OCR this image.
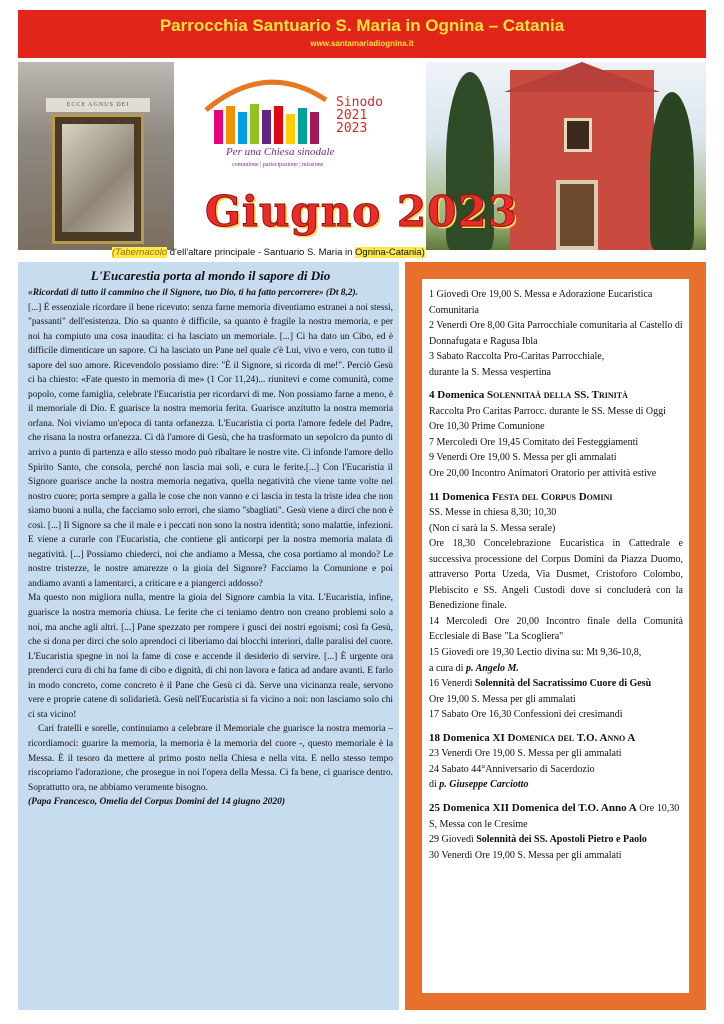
Parrocchia Santuario S. Maria in Ognina – Catania
www.santamariadiognina.it
ECCE AGNUS DEI	Sinodo
2021 2023
Per una Chiesa sinodale
comunione | partecipazione | missione
Giugno 2023
(Tabernacolo d'ell'altare principale - Santuario S. Maria in Ognina-Catania)
L'Eucarestia porta al mondo il sapore di Dio

«Ricordati di tutto il cammino che il Signore, tuo Dio, ti ha fatto percorrere» (Dt 8,2).

[...] È essenziale ricordare il bene ricevuto: senza farne memoria diventiamo estranei a noi stessi, "passanti" dell'esistenza. Dio sa quanto è difficile, sa quanto è fragile la nostra memoria, e per noi ha compiuto una cosa inaudita: ci ha lasciato un memoriale. [...] Ci ha dato un Cibo, ed è difficile dimenticare un sapore. Ci ha lasciato un Pane nel quale c'è Lui, vivo e vero, con tutto il sapore del suo amore. Ricevendolo possiamo dire: "È il Signore, si ricorda di me!". Perciò Gesù ci ha chiesto: «Fate questo in memoria di me» (1 Cor 11,24)... riunitevi e come comunità, come popolo, come famiglia, celebrate l'Eucaristia per ricordarvi di me. Non possiamo farne a meno, è il memoriale di Dio. E guarisce la nostra memoria ferita. Guarisce anzitutto la nostra memoria orfana. Noi viviamo un'epoca di tanta orfanezza. L'Eucaristia ci porta l'amore fedele del Padre, che risana la nostra orfanezza. Ci dà l'amore di Gesù, che ha trasformato un sepolcro da punto di arrivo a punto di partenza e allo stesso modo può ribaltare le nostre vite. Ci infonde l'amore dello Spirito Santo, che consola, perché non lascia mai soli, e cura le ferite.[...] Con l'Eucaristia il Signore guarisce anche la nostra memoria negativa, quella negatività che viene tante volte nel nostro cuore; porta sempre a galla le cose che non vanno e ci lascia in testa la triste idea che non siamo buoni a nulla, che facciamo solo errori, che siamo "sbagliati". Gesù viene a dirci che non è così. [...] Il Signore sa che il male e i peccati non sono la nostra identità; sono malattie, infezioni. E viene a curarle con l'Eucaristia, che contiene gli anticorpi per la nostra memoria malata di negatività. [...] Possiamo chiederci, noi che andiamo a Messa, che cosa portiamo al mondo? Le nostre tristezze, le nostre amarezze o la gioia del Signore? Facciamo la Comunione e poi andiamo avanti a lamentarci, a criticare e a piangerci addosso?

Ma questo non migliora nulla, mentre la gioia del Signore cambia la vita. L'Eucaristia, infine, guarisce la nostra memoria chiusa. Le ferite che ci teniamo dentro non creano problemi solo a noi, ma anche agli altri. [...] Pane spezzato per rompere i gusci dei nostri egoismi; così fa Gesù, che si dona per dirci che solo aprendoci ci liberiamo dai blocchi interiori, dalle paralisi del cuore. L'Eucaristia spegne in noi la fame di cose e accende il desiderio di servire. [...] È urgente ora prenderci cura di chi ha fame di cibo e dignità, di chi non lavora e fatica ad andare avanti. E farlo in modo concreto, come concreto è il Pane che Gesù ci dà. Serve una vicinanza reale, servono vere e proprie catene di solidarietà. Gesù nell'Eucaristia si fa vicino a noi: non lasciamo solo chi ci sta vicino!

Cari fratelli e sorelle, continuiamo a celebrare il Memoriale che guarisce la nostra memoria – ricordiamoci: guarire la memoria, la memoria è la memoria del cuore -, questo memoriale è la Messa. È il tesoro da mettere al primo posto nella Chiesa e nella vita. E nello stesso tempo riscopriamo l'adorazione, che prosegue in noi l'opera della Messa. Ci fa bene, ci guarisce dentro. Soprattutto ora, ne abbiamo veramente bisogno.

(Papa Francesco, Omelia del Corpus Domini del 14 giugno 2020)

1 Giovedì Ore 19,00 S. Messa e Adorazione Eucaristica Comunitaria
2 Venerdì Ore 8,00 Gita Parrocchiale comunitaria al Castello di Donnafugata e Ragusa Ibla
3 Sabato Raccolta Pro-Caritas Parrocchiale,
durante la S. Messa vespertina
4 Domenica Solennitaà della SS. Trinità
Raccolta Pro Caritas Parrocc. durante le SS. Messe di Oggi
Ore 10,30 Prime Comunione
7 Mercoledì Ore 19,45 Comitato dei Festeggiamenti
9 Venerdì Ore 19,00 S. Messa per gli ammalati
Ore 20,00 Incontro Animatori Oratorio per attività estive
11 Domenica Festa del Corpus Domini
SS. Messe in chiesa 8,30; 10,30
(Non ci sarà la S. Messa serale)
Ore 18,30 Concelebrazione Eucaristica in Cattedrale e successiva processione del Corpus Domini da Piazza Duomo, attraverso Porta Uzeda, Via Dusmet, Cristoforo Colombo, Plebiscito e SS. Angeli Custodi dove si concluderà con la Benedizione finale.
14 Mercoledì Ore 20,00 Incontro finale della Comunità Ecclesiale di Base "La Scogliera"
15 Giovedì ore 19,30 Lectio divina su: Mt 9,36-10,8,
a cura di p. Angelo M.
16 Venerdì Solennità del Sacratissimo Cuore di Gesù
Ore 19,00 S. Messa per gli ammalati
17 Sabato Ore 16,30 Confessioni dei cresimandi
18 Domenica XI Domenica del T.O. Anno A
23 Venerdì Ore 19,00 S. Messa per gli ammalati
24 Sabato 44°Anniversario di Sacerdozio
di p. Giuseppe Carciotto
25 Domenica XII Domenica del T.O. Anno A Ore 10,30 S, Messa con le Cresime
29 Giovedì Solennità dei SS. Apostoli Pietro e Paolo
30 Venerdì Ore 19,00 S. Messa per gli ammalati
